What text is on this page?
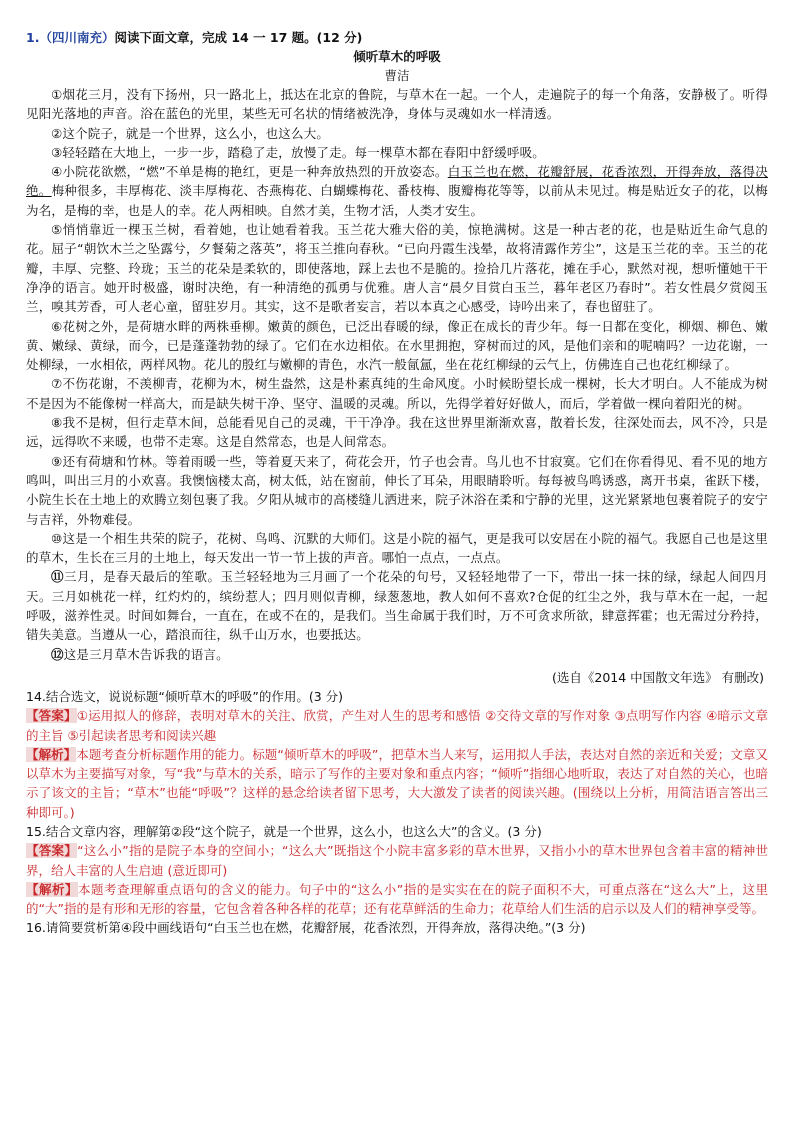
1.（四川南充）阅读下面文章，完成 14 一 17 题。(12 分)
倾听草木的呼吸
曹洁

①烟花三月，没有下扬州，只一路北上，抵达在北京的鲁院，与草木在一起。一个人，走遍院子的每一个角落，安静极了。听得见阳光落地的声音。浴在蓝色的光里，某些无可名状的情绪被洗净，身体与灵魂如水一样清透。

②这个院子，就是一个世界，这么小，也这么大。

③轻轻踏在大地上，一步一步，踏稳了走，放慢了走。每一棵草木都在春阳中舒缓呼吸。

④小院花欲燃，“燃”不单是梅的艳红，更是一种奔放热烈的开放姿态。白玉兰也在燃，花瓣舒展，花香浓烈，开得奔放，落得决绝。梅种很多，丰厚梅花、淡丰厚梅花、杏燕梅花、白蝴蝶梅花、番枝梅、腹瓣梅花等等，以前从未见过。梅是贴近女子的花，以梅为名，是梅的幸，也是人的幸。花人两相映。自然才美，生物才活，人类才安生。

⑤悄悄靠近一棵玉兰树，看着她，也让她看着我。玉兰花大雅大俗的美，惊艳满树。这是一种古老的花，也是贴近生命气息的花。屈子“朝饮木兰之坠露兮，夕餐菊之落英”，将玉兰推向春秋。“已向丹霞生浅晕，故将清露作芳尘”，这是玉兰花的幸。玉兰的花瓣，丰厚、完整、玲珑；玉兰的花朵是柔软的，即使落地，踩上去也不是脆的。捡拾几片落花，摊在手心，默然对视，想听懂她干干净净的语言。她开时极盛，谢时决绝，有一种清绝的孤勇与优雅。唐人言“晨夕目赏白玉兰，暮年老区乃春时”。若女性晨夕赏阅玉兰，嗅其芳香，可人老心童，留驻岁月。其实，这不是歌者妄言，若以本真之心感受，诗吟出来了，春也留驻了。

⑥花树之外，是荷塘水畔的两株垂柳。嫩黄的颜色，已泛出春暖的绿，像正在成长的青少年。每一日都在变化，柳烟、柳色、嫩黄、嫩绿、黄绿，而今，已是蓬蓬勃勃的绿了。它们在水边相依。在水里拥抱，穿树而过的风，是他们亲和的呢喃吗？一边花谢，一处柳绿，一水相依，两样风物。花儿的殷红与嫩柳的青色，水汽一般氤氲，坐在花红柳绿的云气上，仿佛连自己也花红柳绿了。

⑦不伤花谢，不羡柳青，花柳为木，树生盎然，这是朴素真纯的生命风度。小时候盼望长成一棵树，长大才明白。人不能成为树不是因为不能像树一样高大，而是缺失树干净、坚守、温暖的灵魂。所以，先得学着好好做人，而后，学着做一棵向着阳光的树。

⑧我不是树，但行走草木间，总能看见自己的灵魂，干干净净。我在这世界里渐渐欢喜，散着长发，往深处而去，风不冷，只是远，远得吹不来暖，也带不走寒。这是自然常态，也是人间常态。

⑨还有荷塘和竹林。等着雨暖一些，等着夏天来了，荷花会开，竹子也会青。鸟儿也不甘寂寞。它们在你看得见、看不见的地方鸣叫，叫出三月的小欢喜。我懊恼楼太高，树太低，站在窗前，伸长了耳朵，用眼睛聆听。每每被鸟鸣诱惑，离开书桌，雀跃下楼，小院生长在土地上的欢腾立刻包裹了我。夕阳从城市的高楼缝儿洒进来，院子沐浴在柔和宁静的光里，这光紧紧地包裹着院子的安宁与吉祥，外物难侵。

⑩这是一个相生共荣的院子，花树、鸟鸣、沉默的大师们。这是小院的福气，更是我可以安居在小院的福气。我愿自己也是这里的草木，生长在三月的土地上，每天发出一节一节上拔的声音。哪怕一点点，一点点。

⑪三月，是春天最后的笙歌。玉兰轻轻地为三月画了一个花朵的句号，又轻轻地带了一下，带出一抹一抹的绿，绿起人间四月天。三月如桃花一样，红灼灼的，缤纷惹人；四月则似青柳，绿葱葱地，教人如何不喜欢?仓促的红尘之外，我与草木在一起，一起呼吸，滋养性灵。时间如舞台，一直在，在或不在的，是我们。当生命属于我们时，万不可贪求所欲，肆意挥霍；也无需过分矜持，错失美意。当遵从一心，踏浪而往，纵千山万水，也要抵达。

⑫这是三月草木告诉我的语言。

(选自《2014 中国散文年选》 有删改)

14.结合选文，说说标题“倾听草木的呼吸”的作用。(3 分)

【 答案 】 ①运用拟人的修辞，表明对草木的关注、欣赏，产生对人生的思考和感悟 ②交待文章的写作对象 ③点明写作内容 ④暗示文章的主旨 ⑤引起读者思考和阅读兴趣

【 解析 】 本题考查分析标题作用的能力。标题“倾听草木的呼吸”，把草木当人来写，运用拟人手法，表达对自然的亲近和关爱；文章又以草木为主要描写对象，写“我”与草木的关系，暗示了写作的主要对象和重点内容；“倾听”指细心地听取，表达了对自然的关心，也暗示了该文的主旨；“草木”也能“呼吸”？这样的悬念给读者留下思考，大大激发了读者的阅读兴趣。(围绕以上分析，用简洁语言答出三种即可。)

15.结合文章内容，理解第②段“这个院子，就是一个世界，这么小，也这么大”的含义。(3 分)

【 答案 】 “这么小”指的是院子本身的空间小；“这么大”既指这个小院丰富多彩的草木世界，又指小小的草木世界包含着丰富的精神世界，给人丰富的人生启迪 (意近即可)

【 解析 】 本题考查理解重点语句的含义的能力。句子中的“这么小”指的是实实在在的院子面积不大，可重点落在“这么大”上，这里的“大”指的是有形和无形的容量，它包含着各种各样的花草；还有花草鲜活的生命力；花草给人们生活的启示以及人们的精神享受等。

16.请简要赏析第④段中画线语句“白玉兰也在燃，花瓣舒展，花香浓烈，开得奔放，落得决绝。”(3 分)
